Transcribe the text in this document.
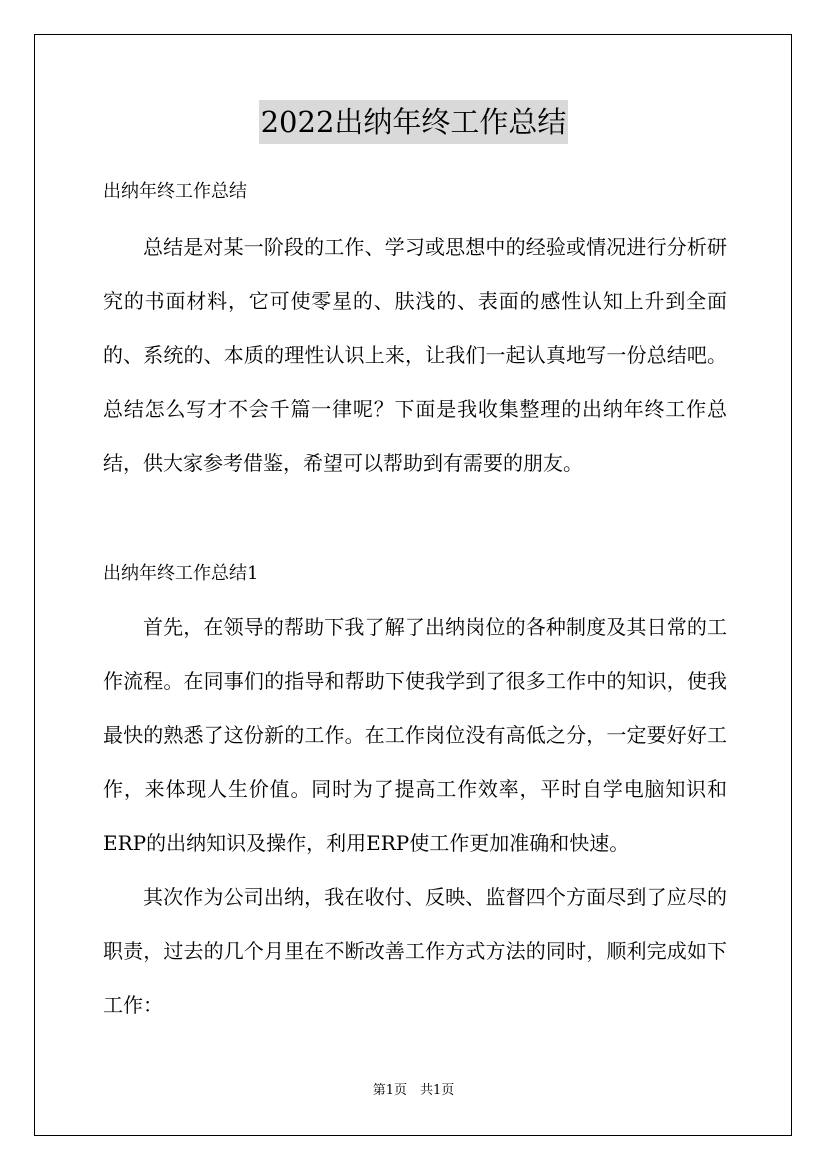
2022出纳年终工作总结
出纳年终工作总结

总结是对某一阶段的工作、学习或思想中的经验或情况进行分析研究的书面材料，它可使零星的、肤浅的、表面的感性认知上升到全面的、系统的、本质的理性认识上来，让我们一起认真地写一份总结吧。总结怎么写才不会千篇一律呢？下面是我收集整理的出纳年终工作总结，供大家参考借鉴，希望可以帮助到有需要的朋友。

出纳年终工作总结1

首先，在领导的帮助下我了解了出纳岗位的各种制度及其日常的工作流程。在同事们的指导和帮助下使我学到了很多工作中的知识，使我最快的熟悉了这份新的工作。在工作岗位没有高低之分，一定要好好工作，来体现人生价值。同时为了提高工作效率，平时自学电脑知识和ERP的出纳知识及操作，利用ERP使工作更加准确和快速。

其次作为公司出纳，我在收付、反映、监督四个方面尽到了应尽的职责，过去的几个月里在不断改善工作方式方法的同时，顺利完成如下工作：

第1页　共1页
